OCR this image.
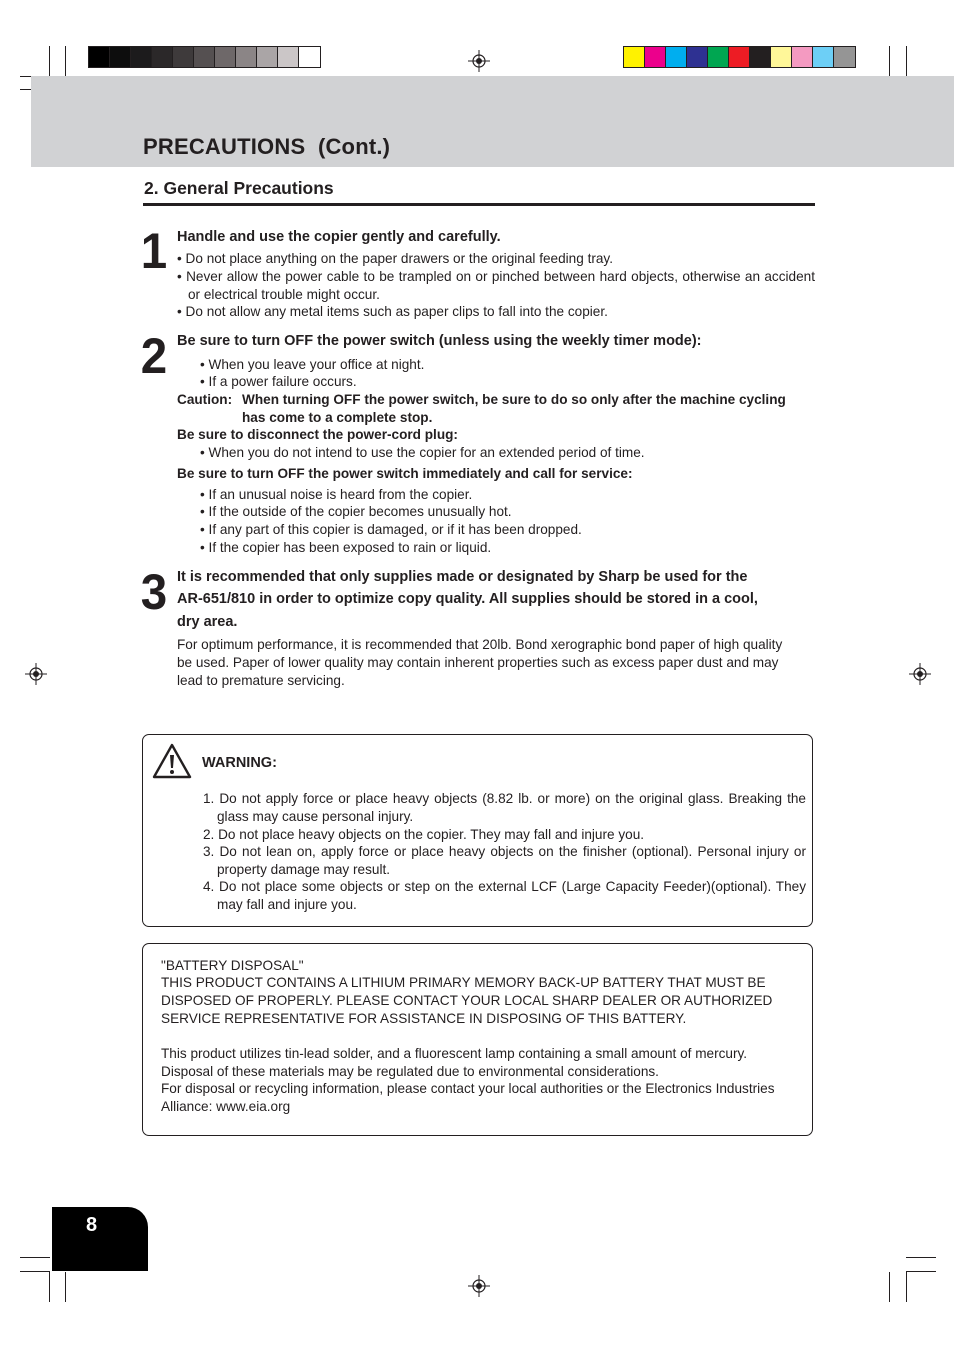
PRECAUTIONS  (Cont.)
2. General Precautions
1 Handle and use the copier gently and carefully.
• Do not place anything on the paper drawers or the original feeding tray.
• Never allow the power cable to be trampled on or pinched between hard objects, otherwise an accident or electrical trouble might occur.
• Do not allow any metal items such as paper clips to fall into the copier.
2 Be sure to turn OFF the power switch (unless using the weekly timer mode):
• When you leave your office at night.
• If a power failure occurs.
Caution: When turning OFF the power switch, be sure to do so only after the machine cycling
has come to a complete stop.
Be sure to disconnect the power-cord plug:
• When you do not intend to use the copier for an extended period of time.
Be sure to turn OFF the power switch immediately and call for service:
• If an unusual noise is heard from the copier.
• If the outside of the copier becomes unusually hot.
• If any part of this copier is damaged, or if it has been dropped.
• If the copier has been exposed to rain or liquid.
3 It is recommended that only supplies made or designated by Sharp be used for the
AR-651/810 in order to optimize copy quality. All supplies should be stored in a cool,
dry area.
For optimum performance, it is recommended that 20lb. Bond xerographic bond paper of high quality
be used. Paper of lower quality may contain inherent properties such as excess paper dust and may
lead to premature servicing.
WARNING:
1. Do not apply force or place heavy objects (8.82 lb. or more) on the original glass. Breaking the glass may cause personal injury.
2. Do not place heavy objects on the copier. They may fall and injure you.
3. Do not lean on, apply force or place heavy objects on the finisher (optional). Personal injury or property damage may result.
4. Do not place some objects or step on the external LCF (Large Capacity Feeder)(optional). They may fall and injure you.
"BATTERY DISPOSAL"
THIS PRODUCT CONTAINS A LITHIUM PRIMARY MEMORY BACK-UP BATTERY THAT MUST BE
DISPOSED OF PROPERLY. PLEASE CONTACT YOUR LOCAL SHARP DEALER OR AUTHORIZED
SERVICE REPRESENTATIVE FOR ASSISTANCE IN DISPOSING OF THIS BATTERY.
This product utilizes tin-lead solder, and a fluorescent lamp containing a small amount of mercury.
Disposal of these materials may be regulated due to environmental considerations.
For disposal or recycling information, please contact your local authorities or the Electronics Industries
Alliance: www.eia.org
8
